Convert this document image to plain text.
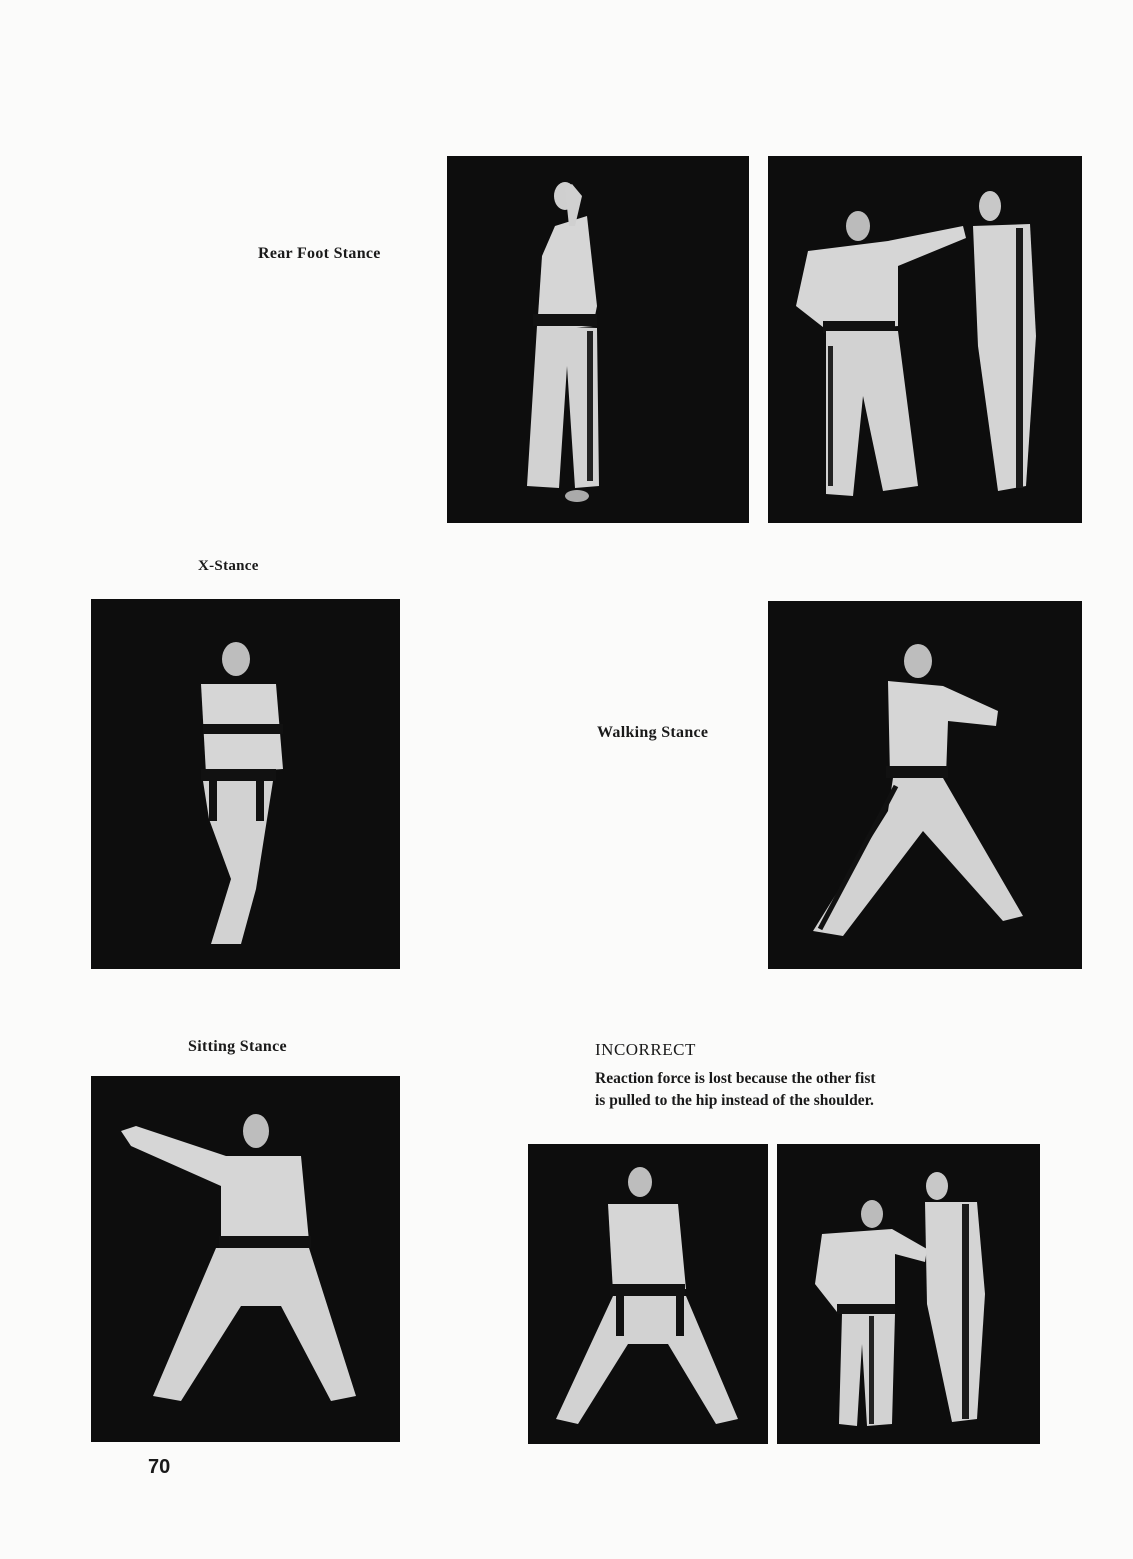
Rear Foot Stance
X-Stance
Walking Stance
Sitting Stance	INCORRECT
Reaction force is lost because the other fist
is pulled to the hip instead of the shoulder.
70
